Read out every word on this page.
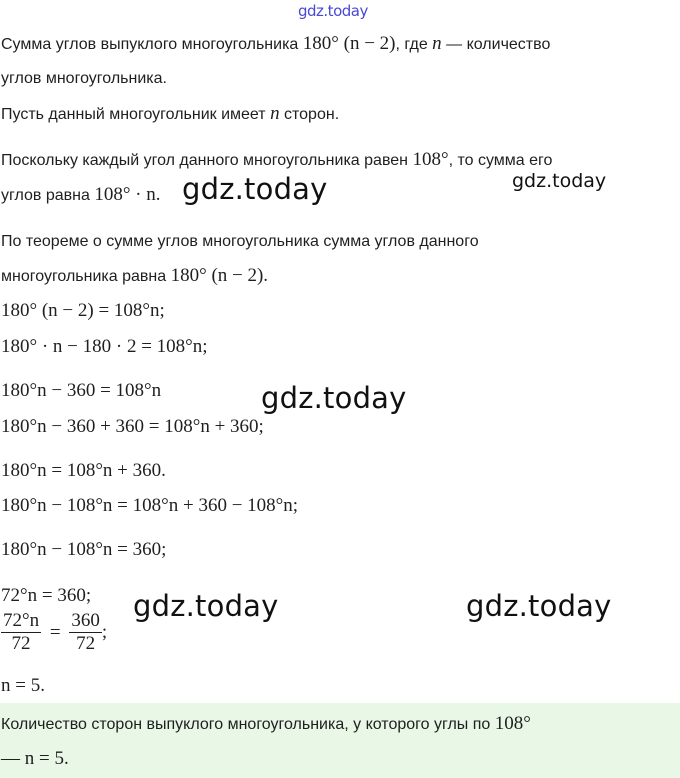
gdz.today
Сумма углов выпуклого многоугольника 180° (n − 2), где n — количество
углов многоугольника.
Пусть данный многоугольник имеет n сторон.
Поскольку каждый угол данного многоугольника равен 108°, то сумма его
углов равна 108° · n. gdz.today	gdz.today
По теореме о сумме углов многоугольника сумма углов данного
многоугольника равна 180° (n − 2).
180° (n − 2) = 108°n;
180° · n − 180 · 2 = 108°n;
180°n − 360 = 108°n	gdz.today
180°n − 360 + 360 = 108°n + 360;
180°n = 108°n + 360.
180°n − 108°n = 108°n + 360 − 108°n;
180°n − 108°n = 360;
72°n = 360;
$\frac{72^\circ n}{72} = \frac{360}{72}$ ;
gdz.today	gdz.today
n = 5.
Количество сторон выпуклого многоугольника, у которого углы по 108°
— n = 5.
